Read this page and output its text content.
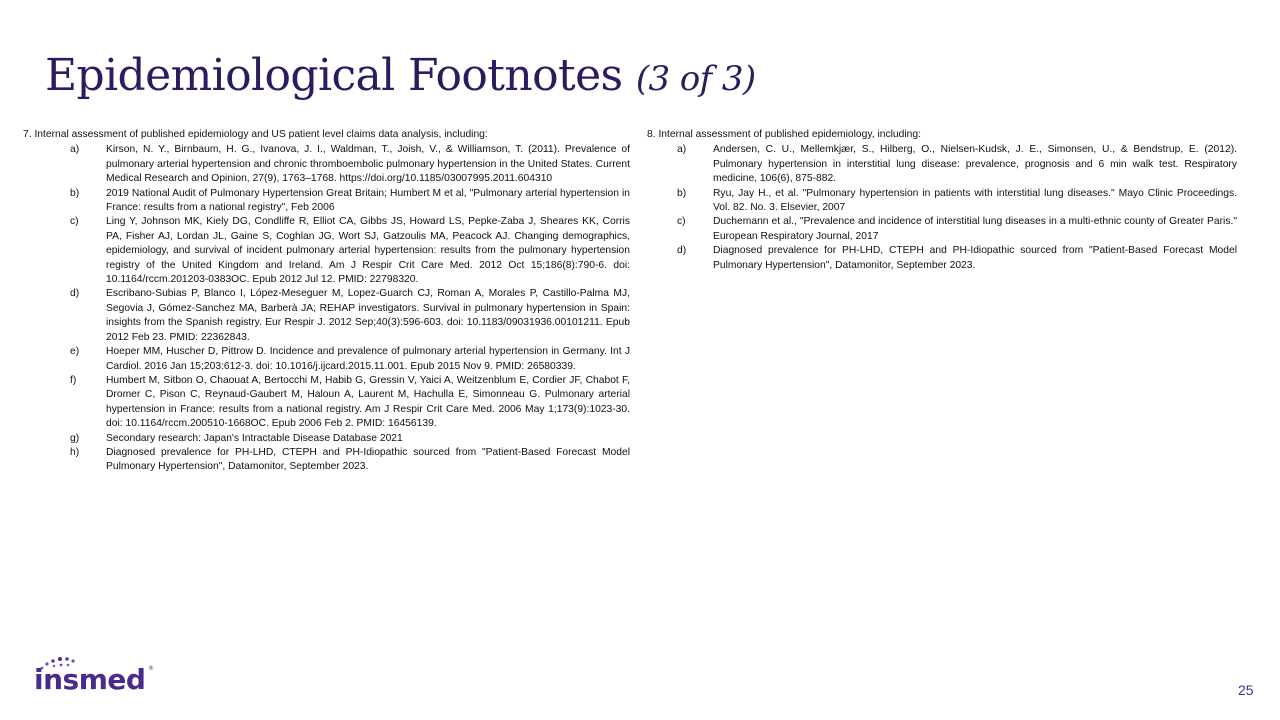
Epidemiological Footnotes (3 of 3)
7. Internal assessment of published epidemiology and US patient level claims data analysis, including:
a)	Kirson, N. Y., Birnbaum, H. G., Ivanova, J. I., Waldman, T., Joish, V., & Williamson, T. (2011). Prevalence of pulmonary arterial hypertension and chronic thromboembolic pulmonary hypertension in the United States. Current Medical Research and Opinion, 27(9), 1763–1768. https://doi.org/10.1185/03007995.2011.604310
b)	2019 National Audit of Pulmonary Hypertension Great Britain; Humbert M et al, "Pulmonary arterial hypertension in France: results from a national registry", Feb 2006
c)	Ling Y, Johnson MK, Kiely DG, Condliffe R, Elliot CA, Gibbs JS, Howard LS, Pepke-Zaba J, Sheares KK, Corris PA, Fisher AJ, Lordan JL, Gaine S, Coghlan JG, Wort SJ, Gatzoulis MA, Peacock AJ. Changing demographics, epidemiology, and survival of incident pulmonary arterial hypertension: results from the pulmonary hypertension registry of the United Kingdom and Ireland. Am J Respir Crit Care Med. 2012 Oct 15;186(8):790-6. doi: 10.1164/rccm.201203-0383OC. Epub 2012 Jul 12. PMID: 22798320.
d)	Escribano-Subias P, Blanco I, López-Meseguer M, Lopez-Guarch CJ, Roman A, Morales P, Castillo-Palma MJ, Segovia J, Gómez-Sanchez MA, Barberà JA; REHAP investigators. Survival in pulmonary hypertension in Spain: insights from the Spanish registry. Eur Respir J. 2012 Sep;40(3):596-603. doi: 10.1183/09031936.00101211. Epub 2012 Feb 23. PMID: 22362843.
e)	Hoeper MM, Huscher D, Pittrow D. Incidence and prevalence of pulmonary arterial hypertension in Germany. Int J Cardiol. 2016 Jan 15;203:612-3. doi: 10.1016/j.ijcard.2015.11.001. Epub 2015 Nov 9. PMID: 26580339.
f)	Humbert M, Sitbon O, Chaouat A, Bertocchi M, Habib G, Gressin V, Yaici A, Weitzenblum E, Cordier JF, Chabot F, Dromer C, Pison C, Reynaud-Gaubert M, Haloun A, Laurent M, Hachulla E, Simonneau G. Pulmonary arterial hypertension in France: results from a national registry. Am J Respir Crit Care Med. 2006 May 1;173(9):1023-30. doi: 10.1164/rccm.200510-1668OC. Epub 2006 Feb 2. PMID: 16456139.
g)	Secondary research: Japan's Intractable Disease Database 2021
h)	Diagnosed prevalence for PH-LHD, CTEPH and PH-Idiopathic sourced from "Patient-Based Forecast Model Pulmonary Hypertension", Datamonitor, September 2023.
8. Internal assessment of published epidemiology, including:
a)	Andersen, C. U., Mellemkjær, S., Hilberg, O., Nielsen-Kudsk, J. E., Simonsen, U., & Bendstrup, E. (2012). Pulmonary hypertension in interstitial lung disease: prevalence, prognosis and 6 min walk test. Respiratory medicine, 106(6), 875-882.
b)	Ryu, Jay H., et al. "Pulmonary hypertension in patients with interstitial lung diseases." Mayo Clinic Proceedings. Vol. 82. No. 3. Elsevier, 2007
c)	Duchemann et al., "Prevalence and incidence of interstitial lung diseases in a multi-ethnic county of Greater Paris." European Respiratory Journal, 2017
d)	Diagnosed prevalence for PH-LHD, CTEPH and PH-Idiopathic sourced from "Patient-Based Forecast Model Pulmonary Hypertension", Datamonitor, September 2023.
insmed ®
25
